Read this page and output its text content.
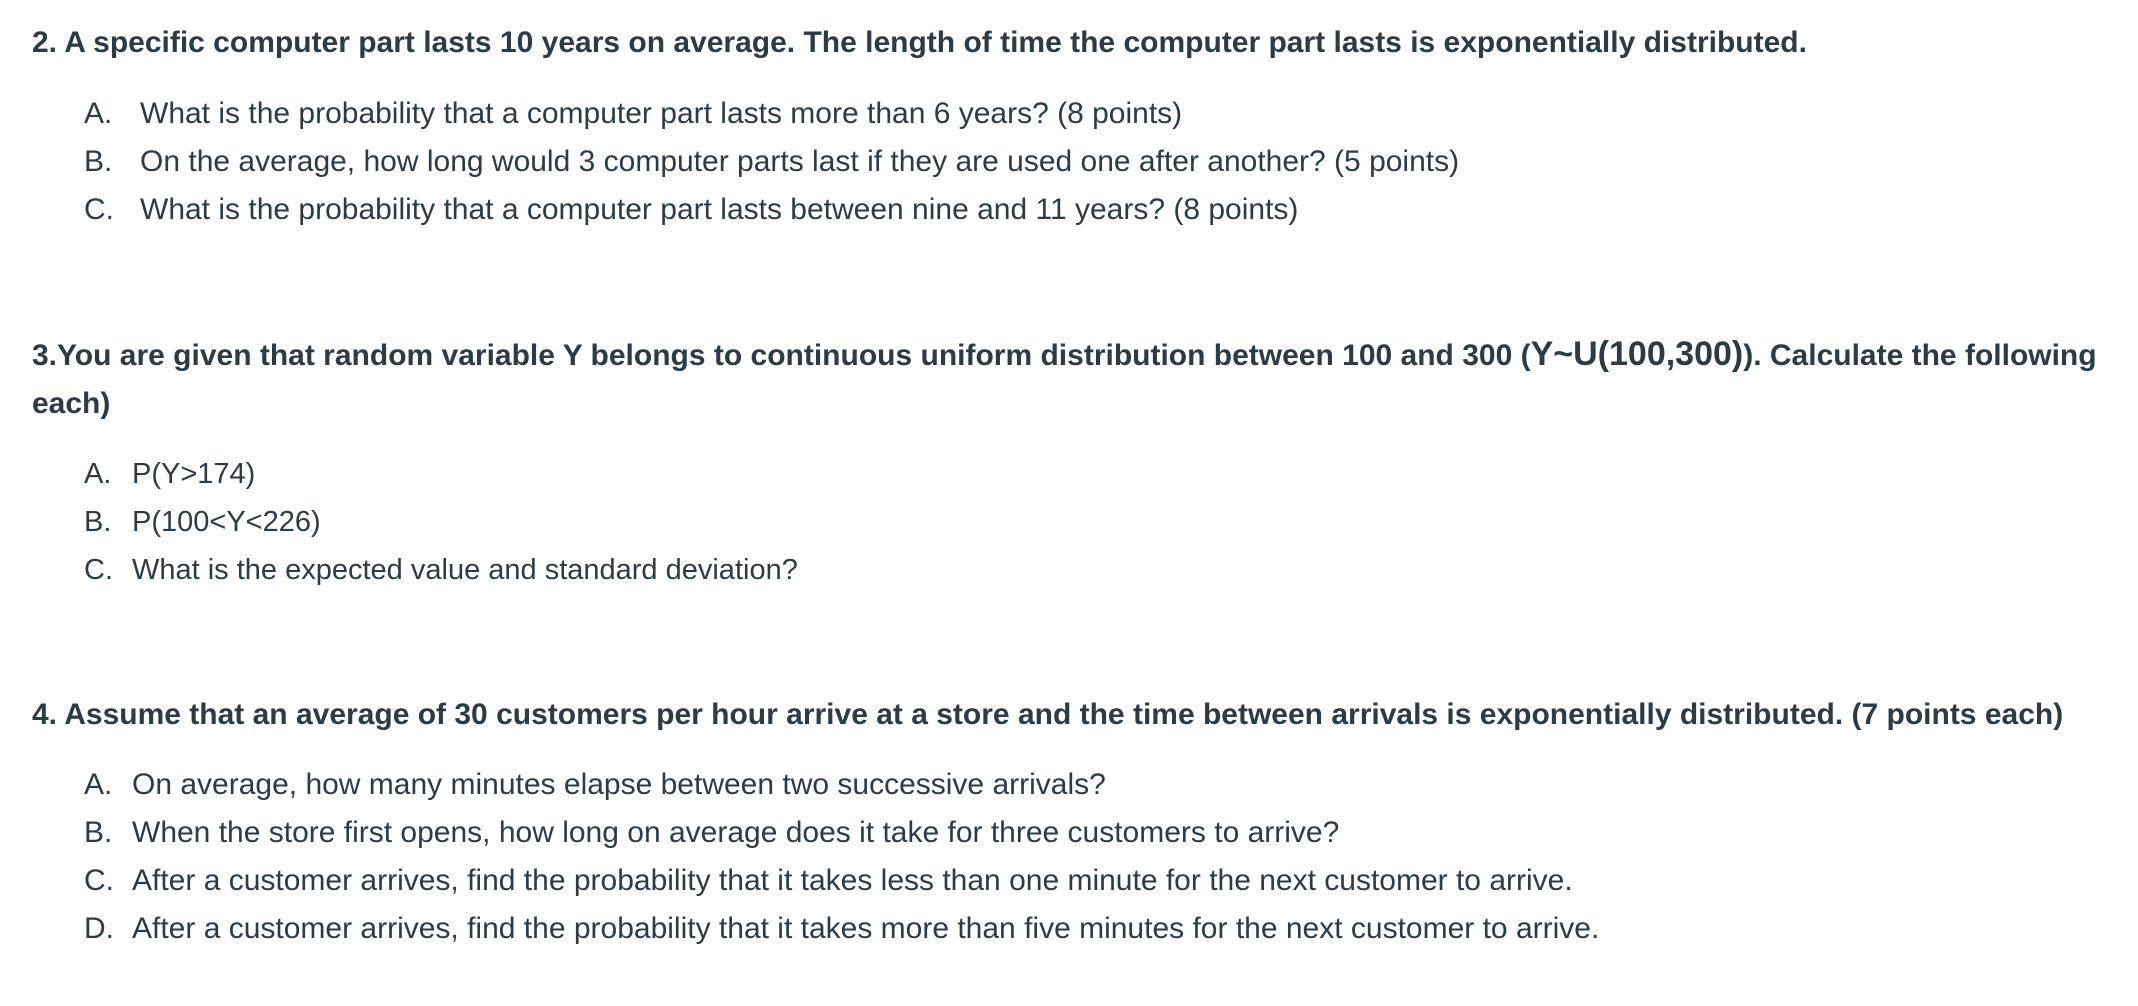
2. A specific computer part lasts 10 years on average. The length of time the computer part lasts is exponentially distributed.

A. What is the probability that a computer part lasts more than 6 years? (8 points)
B. On the average, how long would 3 computer parts last if they are used one after another? (5 points)
C. What is the probability that a computer part lasts between nine and 11 years? (8 points)

3.You are given that random variable Y belongs to continuous uniform distribution between 100 and 300 (Y~U(100,300)). Calculate the following

each)

A. P(Y>174)
B. P(100<Y<226)
C. What is the expected value and standard deviation?

4. Assume that an average of 30 customers per hour arrive at a store and the time between arrivals is exponentially distributed. (7 points each)

A. On average, how many minutes elapse between two successive arrivals?
B. When the store first opens, how long on average does it take for three customers to arrive?
C. After a customer arrives, find the probability that it takes less than one minute for the next customer to arrive.
D. After a customer arrives, find the probability that it takes more than five minutes for the next customer to arrive.
